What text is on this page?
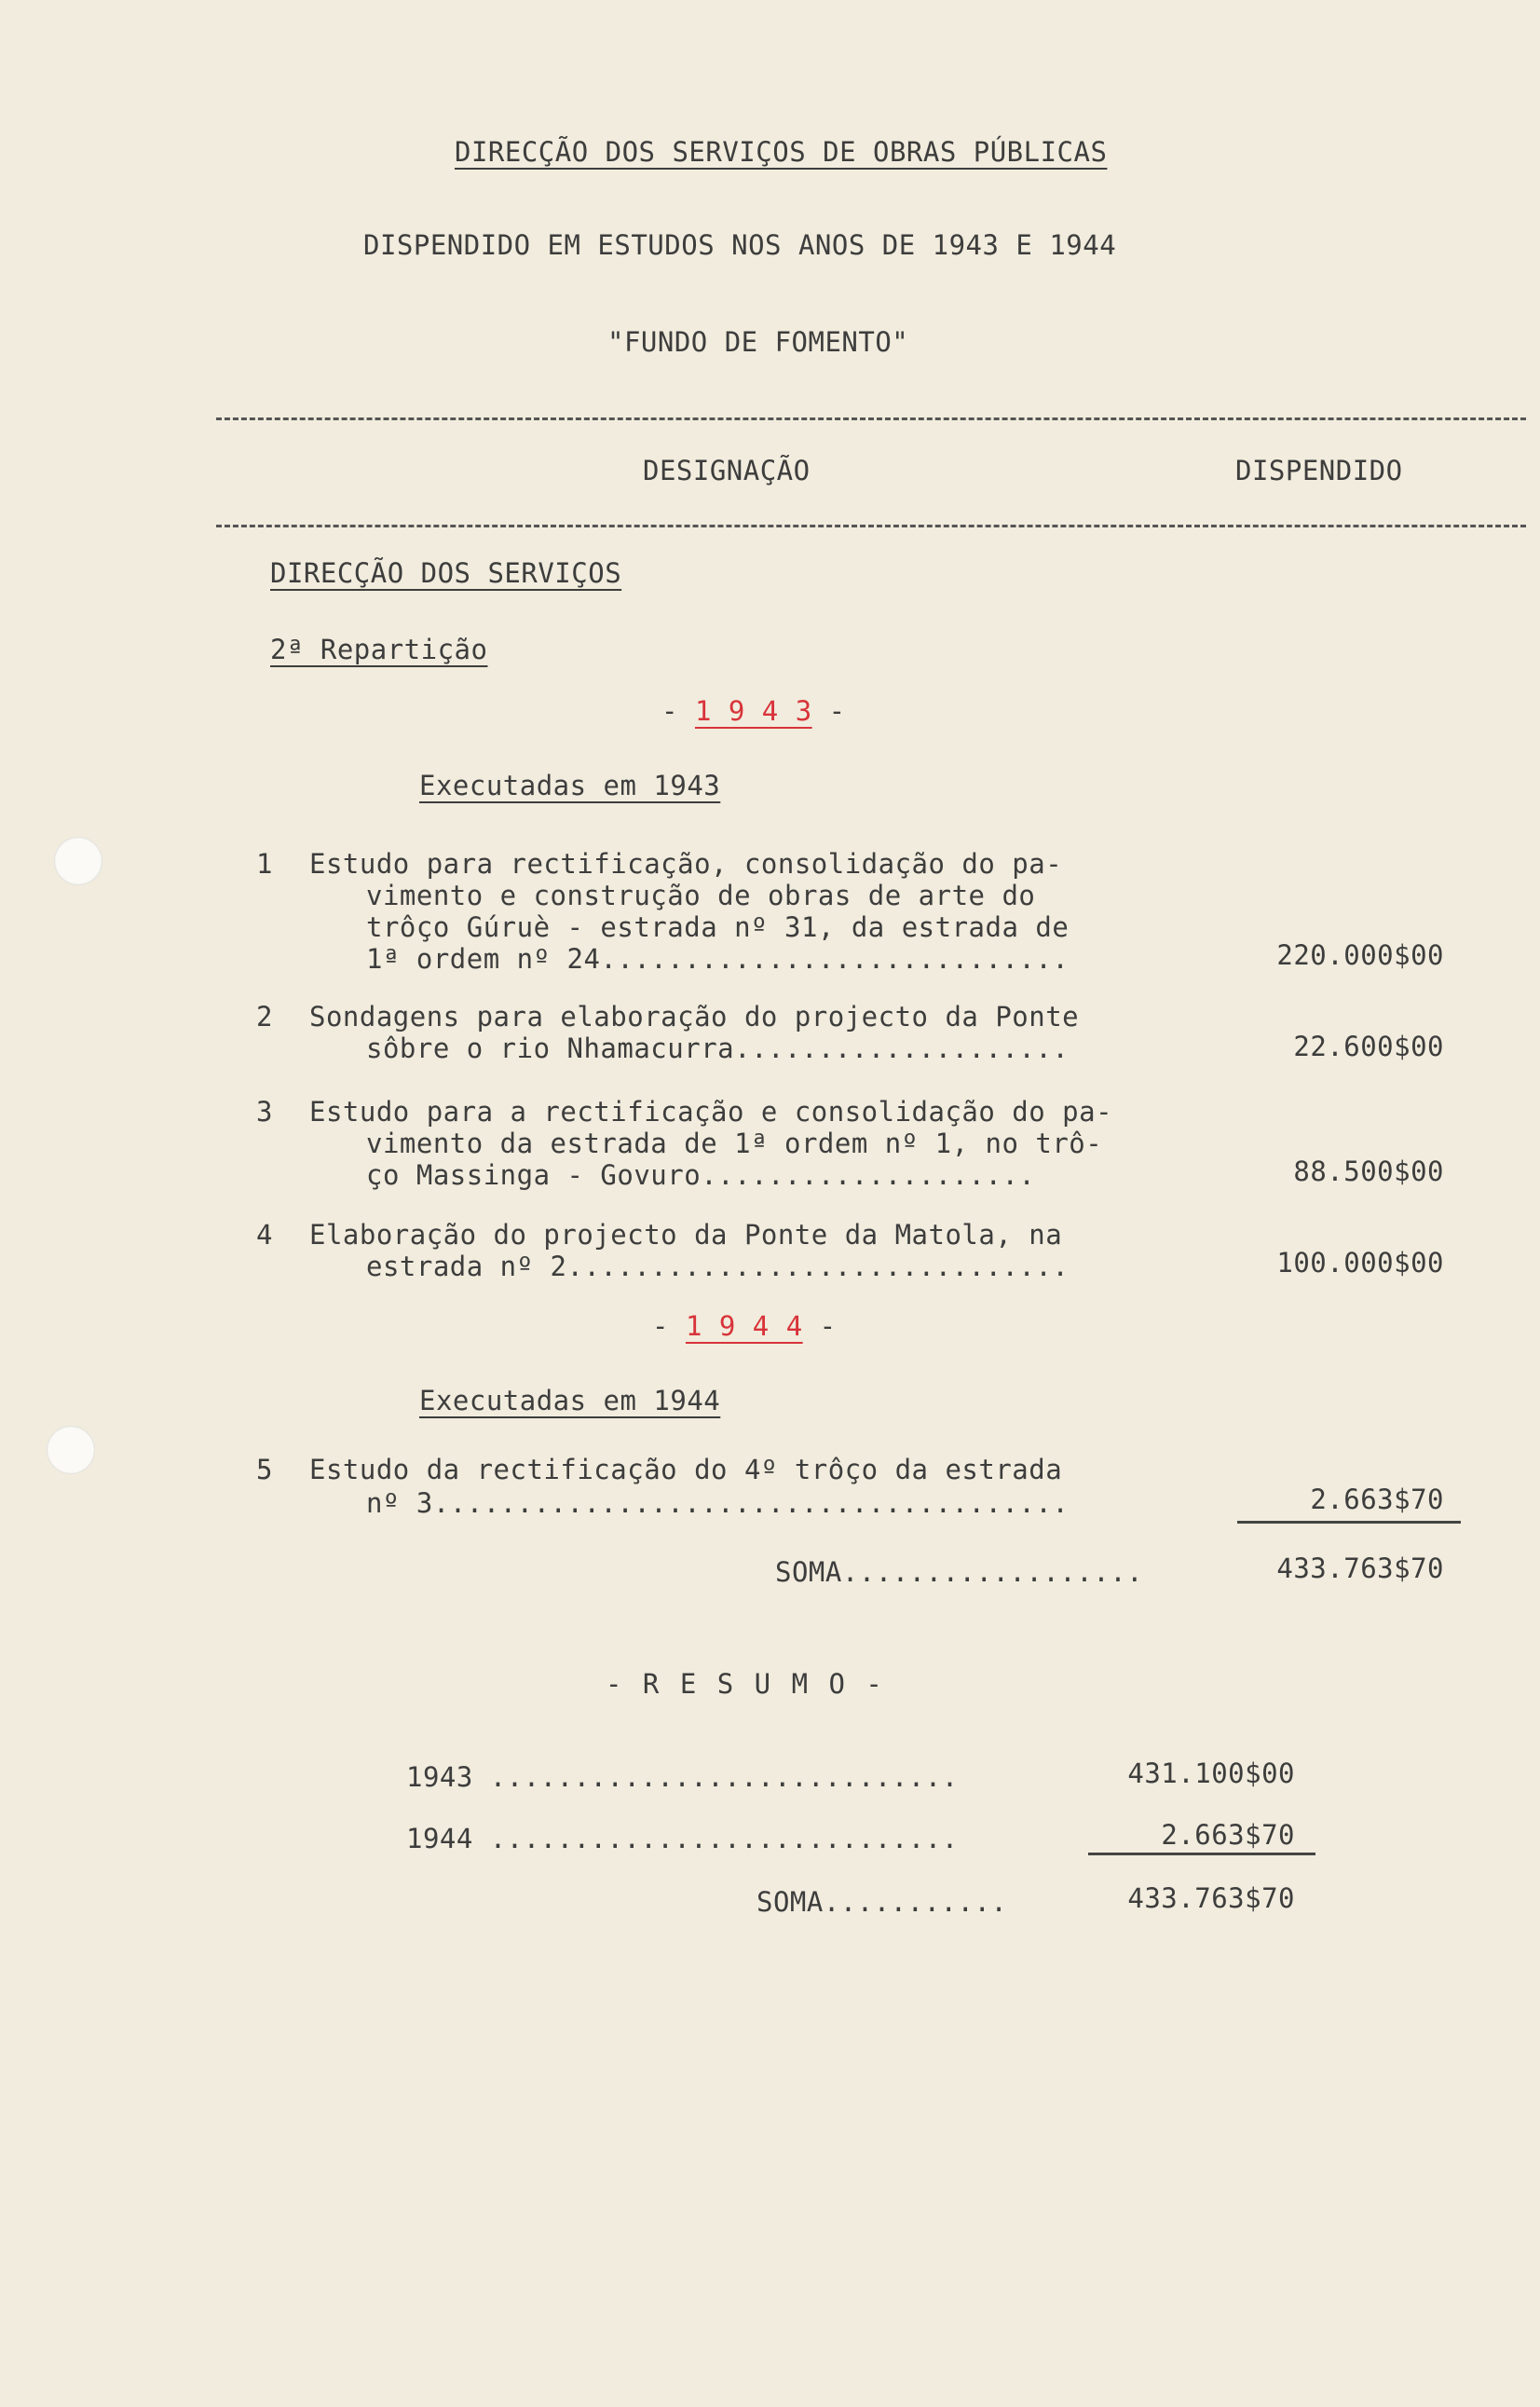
DIRECÇÃO DOS SERVIÇOS DE OBRAS PÚBLICAS
DISPENDIDO EM ESTUDOS NOS ANOS DE 1943 E 1944
"FUNDO DE FOMENTO"
DESIGNAÇÃO	DISPENDIDO
DIRECÇÃO DOS SERVIÇOS
2ª Repartição
- 1 9 4 3 -
Executadas em 1943
1 Estudo para rectificação, consolidação do pa-
vimento e construção de obras de arte do
trôço Gúruè - estrada nº 31, da estrada de
1ª ordem nº 24............................	220.000$00
2 Sondagens para elaboração do projecto da Ponte
sôbre o rio Nhamacurra....................	22.600$00
3 Estudo para a rectificação e consolidação do pa-
vimento da estrada de 1ª ordem nº 1, no trô-
ço Massinga - Govuro....................	88.500$00
4 Elaboração do projecto da Ponte da Matola, na
estrada nº 2..............................	100.000$00
- 1 9 4 4 -
Executadas em 1944
5 Estudo da rectificação do 4º trôço da estrada
nº 3......................................	2.663$70
SOMA..................	433.763$70
- R E S U M O -
1943 ............................	431.100$00
1944 ............................	2.663$70
SOMA...........	433.763$70
